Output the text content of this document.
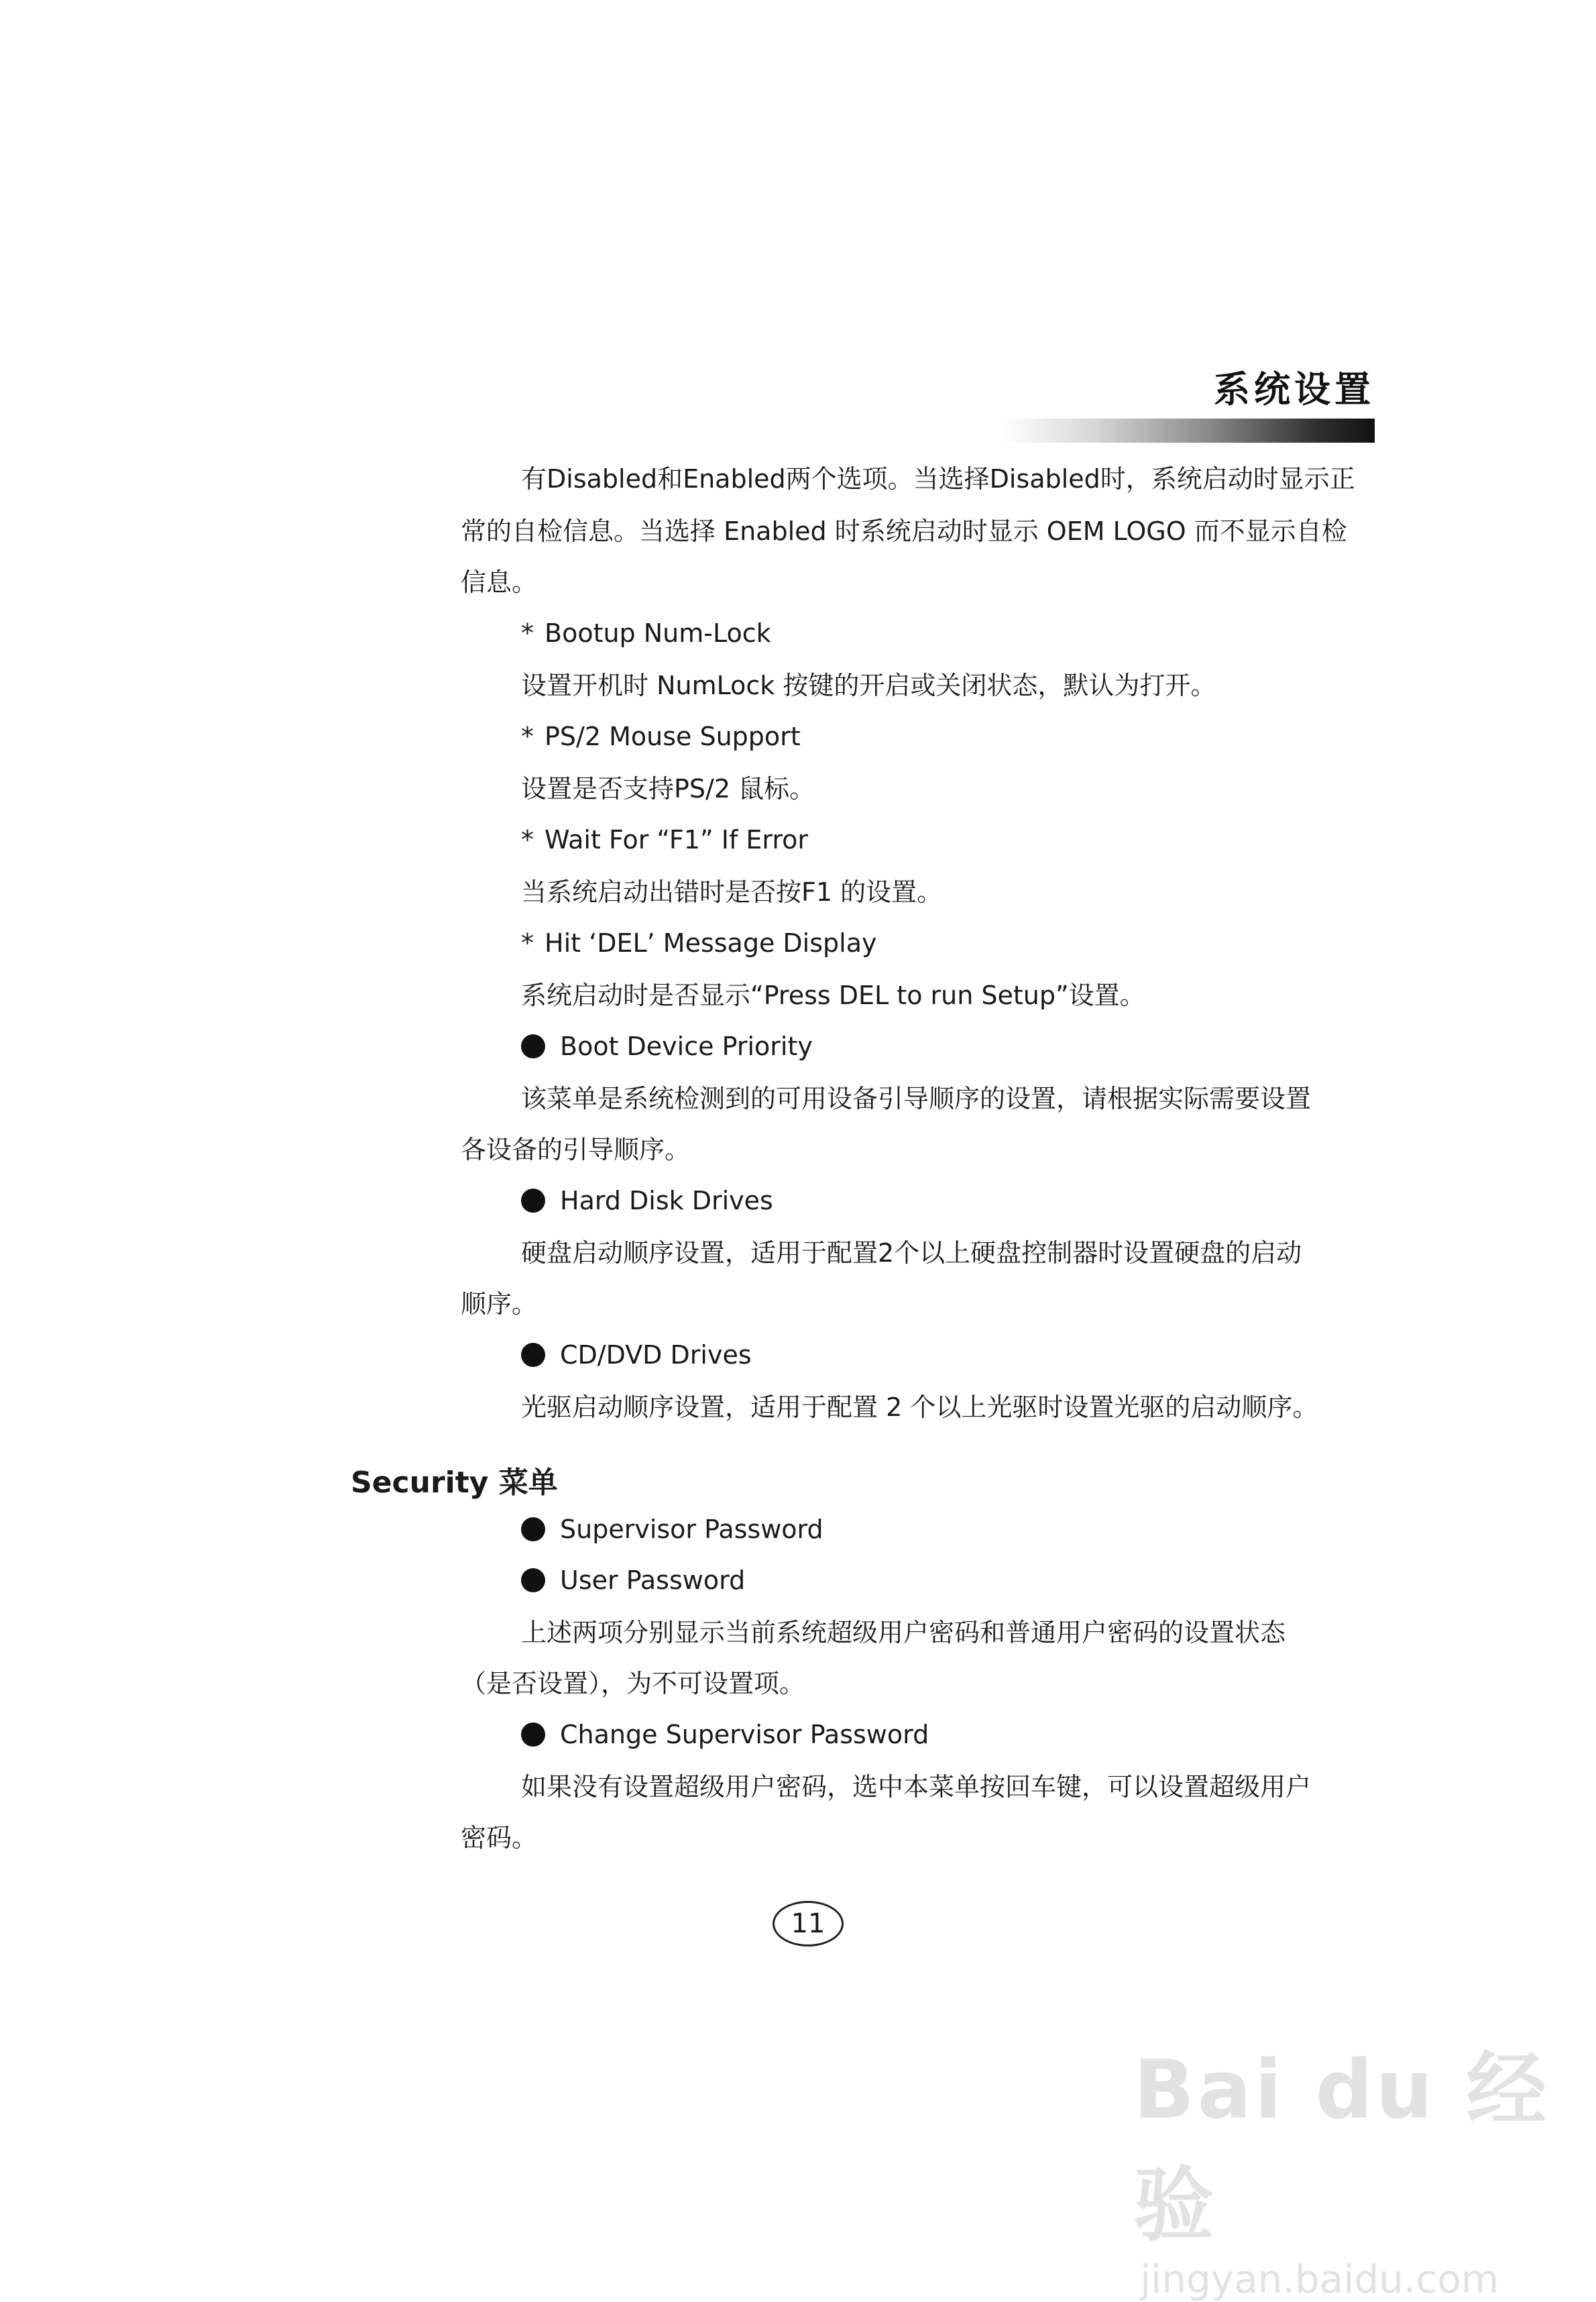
系统设置
有Disabled和Enabled两个选项。当选择Disabled时，系统启动时显示正
常的自检信息。当选择 Enabled 时系统启动时显示 OEM LOGO 而不显示自检
信息。
* Bootup Num-Lock
设置开机时 NumLock 按键的开启或关闭状态，默认为打开。
* PS/2 Mouse Support
设置是否支持PS/2 鼠标。
* Wait For “F1” If Error
当系统启动出错时是否按F1 的设置。
* Hit ‘DEL’ Message Display
系统启动时是否显示“Press DEL to run Setup”设置。
Boot Device Priority
该菜单是系统检测到的可用设备引导顺序的设置，请根据实际需要设置
各设备的引导顺序。
Hard Disk Drives
硬盘启动顺序设置，适用于配置2个以上硬盘控制器时设置硬盘的启动
顺序。
CD/DVD Drives
光驱启动顺序设置，适用于配置 2 个以上光驱时设置光驱的启动顺序。
Security 菜单
Supervisor Password
User Password
上述两项分别显示当前系统超级用户密码和普通用户密码的设置状态
（是否设置），为不可设置项。
Change Supervisor Password
如果没有设置超级用户密码，选中本菜单按回车键，可以设置超级用户
密码。
11
Bai du 经验
jingyan.baidu.com
